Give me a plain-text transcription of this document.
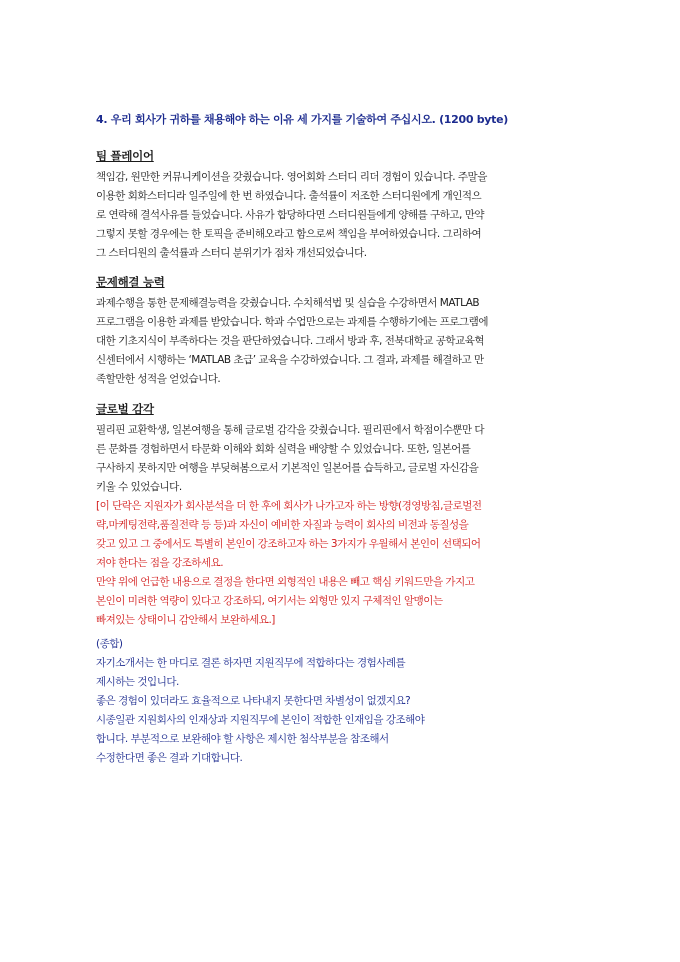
4. 우리 회사가 귀하를 채용해야 하는 이유 세 가지를 기술하여 주십시오. (1200 byte)
팀 플레이어
책임감, 원만한 커뮤니케이션을 갖췄습니다. 영어회화 스터디 리더 경험이 있습니다. 주말을
이용한 회화스터디라 일주일에 한 번 하였습니다. 출석률이 저조한 스터디원에게 개인적으
로 연락해 결석사유를 들었습니다. 사유가 합당하다면 스터디원들에게 양해를 구하고, 만약
그렇지 못할 경우에는 한 토픽을 준비해오라고 함으로써 책임을 부여하였습니다. 그리하여
그 스터디원의 출석률과 스터디 분위기가 점차 개선되었습니다.
문제해결 능력
과제수행을 통한 문제해결능력을 갖췄습니다. 수치해석법 및 실습을 수강하면서 MATLAB
프로그램을 이용한 과제를 받았습니다. 학과 수업만으로는 과제를 수행하기에는 프로그램에
대한 기초지식이 부족하다는 것을 판단하였습니다. 그래서 방과 후, 전북대학교 공학교육혁
신센터에서 시행하는 ‘MATLAB 초급’ 교육을 수강하였습니다. 그 결과, 과제를 해결하고 만
족할만한 성적을 얻었습니다.
글로벌 감각
필리핀 교환학생, 일본여행을 통해 글로벌 감각을 갖췄습니다. 필리핀에서 학점이수뿐만 다
른 문화를 경험하면서 타문화 이해와 회화 실력을 배양할 수 있었습니다. 또한, 일본어를
구사하지 못하지만 여행을 부딪혀봄으로서 기본적인 일본어를 습득하고, 글로벌 자신감을
키울 수 있었습니다.
[이 단락은 지원자가 회사분석을 더 한 후에 회사가 나가고자 하는 방향(경영방침,글로벌전
략,마케팅전략,품질전략 등 등)과 자신이 예비한 자질과 능력이 회사의 비전과 동질성을
갖고 있고 그 중에서도 특별히 본인이 강조하고자 하는 3가지가 우월해서 본인이 선택되어
져야 한다는 점을 강조하세요.
만약 위에 언급한 내용으로 결정을 한다면 외형적인 내용은 빼고 핵심 키워드만을 가지고
본인이 미려한 역량이 있다고 강조하되, 여기서는 외형만 있지 구체적인 알맹이는
빠져있는 상태이니 감안해서 보완하세요.]
(종합)
자기소개서는 한 마디로 결론 하자면 지원직무에 적합하다는 경험사례를
제시하는 것입니다.
좋은 경험이 있더라도 효율적으로 나타내지 못한다면 차별성이 없겠지요?
시종일관 지원회사의 인재상과 지원직무에 본인이 적합한 인재임을 강조해야
합니다. 부분적으로 보완해야 할 사항은 제시한 첨삭부분을 참조해서
수정한다면 좋은 결과 기대합니다.
